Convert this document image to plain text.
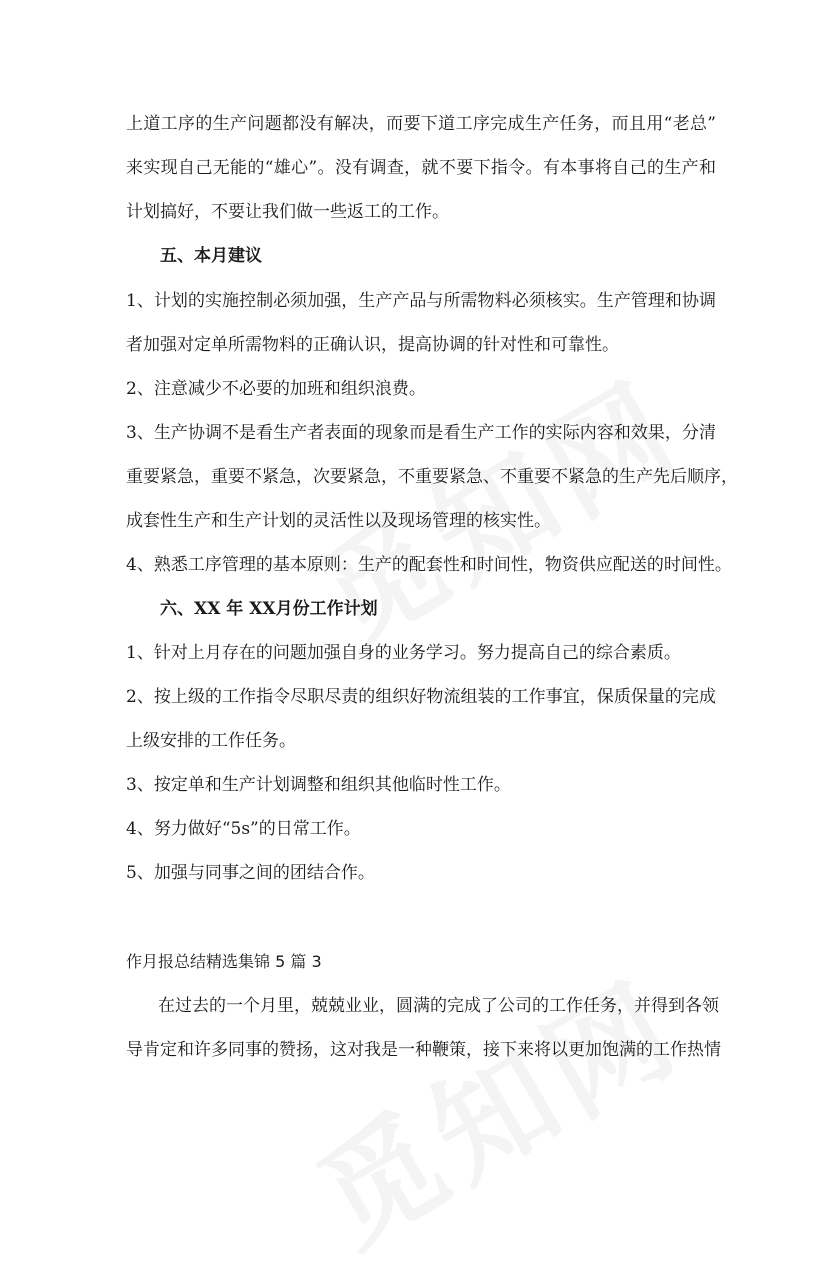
上道工序的生产问题都没有解决，而要下道工序完成生产任务，而且用“老总”
来实现自己无能的“雄心”。没有调查，就不要下指令。有本事将自己的生产和
计划搞好，不要让我们做一些返工的工作。
五、本月建议
1、计划的实施控制必须加强，生产产品与所需物料必须核实。生产管理和协调
者加强对定单所需物料的正确认识，提高协调的针对性和可靠性。
2、注意减少不必要的加班和组织浪费。
3、生产协调不是看生产者表面的现象而是看生产工作的实际内容和效果，分清
重要紧急，重要不紧急，次要紧急，不重要紧急、不重要不紧急的生产先后顺序，
成套性生产和生产计划的灵活性以及现场管理的核实性。
4、熟悉工序管理的基本原则：生产的配套性和时间性，物资供应配送的时间性。
六、XX 年 XX月份工作计划
1、针对上月存在的问题加强自身的业务学习。努力提高自己的综合素质。
2、按上级的工作指令尽职尽责的组织好物流组装的工作事宜，保质保量的完成
上级安排的工作任务。
3、按定单和生产计划调整和组织其他临时性工作。
4、努力做好“5s”的日常工作。
5、加强与同事之间的团结合作。
作月报总结精选集锦 5 篇 3
在过去的一个月里，兢兢业业，圆满的完成了公司的工作任务，并得到各领
导肯定和许多同事的赞扬，这对我是一种鞭策，接下来将以更加饱满的工作热情
